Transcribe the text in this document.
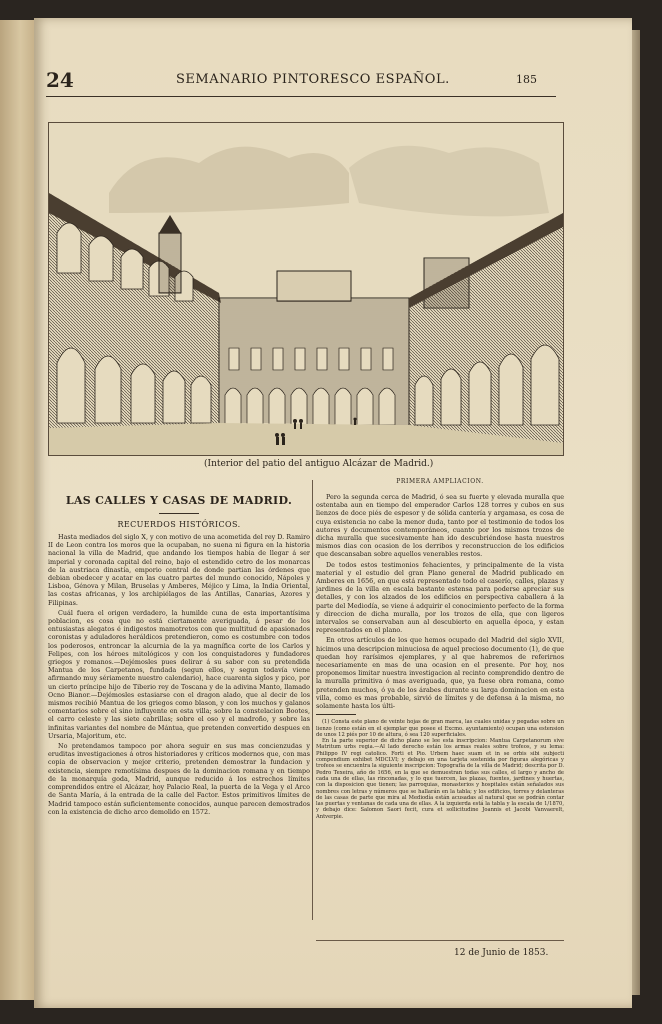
24	SEMANARIO PINTORESCO ESPAÑOL.	185
(Interior del patio del antiguo Alcázar de Madrid.)
LAS CALLES Y CASAS DE MADRID.
RECUERDOS HISTÓRICOS.

Hasta mediados del siglo X, y con motivo de una acometida del rey D. Ramiro II de Leon contra los moros que la ocupaban, no suena ni figura en la historia nacional la villa de Madrid, que andando los tiempos habia de llegar á ser imperial y coronada capital del reino, bajo el estendido cetro de los monarcas de la austriaca dinastía, emporio central de donde partian las órdenes que debian obedecer y acatar en las cuatro partes del mundo conocido, Nápoles y Lisboa, Génova y Milan, Bruselas y Amberes, Méjico y Lima, la India Oriental, las costas africanas, y los archipiélagos de las Antillas, Canarias, Azores y Filipinas.

Cuál fuera el origen verdadero, la humilde cuna de esta importantísima poblacion, es cosa que no está ciertamente averiguada, á pesar de los entusiastas alegatos é indigestos mamotretos con que multitud de apasionados coronistas y aduladores heráldicos pretendieron, como es costumbre con todos los poderosos, entroncar la alcurnia de la ya magnífica corte de los Carlos y Felipes, con los héroes mitológicos y con los conquistadores y fundadores griegos y romanos.—Dejémosles pues delirar á su sabor con su pretendida Mantua de los Carpetanos, fundada (segun ellos, y segun todavía viene afirmando muy sériamente nuestro calendario), hace cuarenta siglos y pico, por un cierto príncipe hijo de Tiberio rey de Toscana y de la adivina Manto, llamado Ocno Bianor.—Dejémosles estasiarse con el dragon alado, que al decir de los mismos recibió Mantua de los griegos como blason, y con los muchos y galanos comentarios sobre el sino influyente en esta villa; sobre la constelacion Bootes, el carro celeste y las siete cabrillas; sobre el oso y el madroño, y sobre las infinitas variantes del nombre de Mántua, que pretenden convertido despues en Ursaria, Majoritum, etc.

No pretendamos tampoco por ahora seguir en sus mas concienzudas y eruditas investigaciones á otros historiadores y críticos modernos que, con mas copia de observacion y mejor criterio, pretenden demostrar la fundacion y existencia, siempre remotísima despues de la dominacion romana y en tiempo de la monarquía goda, Madrid, aunque reducido á los estrechos límites comprendidos entre el Alcázar, hoy Palacio Real, la puerta de la Vega y el Arco de Santa María, á la entrada de la calle del Factor. Estos primitivos límites de Madrid tampoco están suficientemente conocidos, aunque parecen demostrados con la existencia de dicho arco demolido en 1572.

PRIMERA AMPLIACION.

Pero la segunda cerca de Madrid, ó sea su fuerte y elevada muralla que ostentaba aun en tiempo del emperador Carlos 128 torres y cubos en sus lienzos de doce piés de espesor y de sólida cantería y argamasa, es cosa de cuya existencia no cabe la menor duda, tanto por el testimonio de todos los autores y documentos contemporáneos, cuanto por los mismos trozos de dicha muralla que sucesivamente han ido descubriéndose hasta nuestros mismos dias con ocasion de los derribos y reconstruccion de los edificios que descansaban sobre aquellos venerables restos.

De todos estos testimonios fehacientes, y principalmente de la vista material y el estudio del gran Plano general de Madrid publicado en Amberes en 1656, en que está representado todo el caserío, calles, plazas y jardines de la villa en escala bastante estensa para poderse apreciar sus detalles, y con los alzados de los edificios en perspectiva caballera á la parte del Mediodía, se viene á adquirir el conocimiento perfecto de la forma y direccion de dicha muralla, por los trozos de ella, que con ligeros intervalos se conservaban aun al descubierto en aquella época, y estan representados en el plano.

En otros artículos de los que hemos ocupado del Madrid del siglo XVII, hicimos una descripcion minuciosa de aquel precioso documento (1), de que quedan hoy rarísimos ejemplares, y al que habremos de referirnos necesariamente en mas de una ocasion en el presente. Por hoy, nos proponemos limitar nuestra investigacion al recinto comprendido dentro de la muralla primitiva ó mas averiguada, que, ya fuese obra romana, como pretenden muchos, ó ya de los árabes durante su larga dominacion en esta villa, como es mas probable, sirvió de límites y de defensa á la misma, no solamente hasta los últi-

(1) Consta este plano de veinte hojas de gran marca, las cuales unidas y pegadas sobre un lienzo (como están en el ejemplar que posee el Excmo. ayuntamiento) ocupan una estension de unos 12 piés por 10 de altura, ó sea 120 superficiales.

En la parte superior de dicho plano se lee esta inscripcion: Mantua Carpetanorum sive Matritum urbs regia.—Al lado derecho están los armas reales sobre trofeos, y su lema: Philippo IV regi catolico. Forti et Pio. Urbem haec suam et in se orbis sibi subjecti compendium exhibet MDCLVI; y debajo en una tarjeta sostenida por figuras alegóricas y trofeos se encuentra la siguiente inscripcion: Topografía de la villa de Madrid; descrita por D. Pedro Texeira, año de 1656, en la que se demuestran todas sus calles, el largo y ancho de cada una de ellas, las rinconadas, y lo que tuercen, las plazas, fuentes, jardines y huertas, con la disposicion que tienen; las parroquias, monasterios y hospitales están señalados sus nombres con letras y números que se hallarán en la tabla; y los edificios, torres y delanteras de las casas de parte que mira al Mediodía están acusadas al natural que se podrán contar las puertas y ventanas de cada una de ellas. A la izquierda está la tabla y la escala de 1/1870, y debajo dice: Salomon Saori fecit, cura et sollicitudine Joannis et Jacobi Vanvaerelt, Antverpie.

12 de Junio de 1853.
